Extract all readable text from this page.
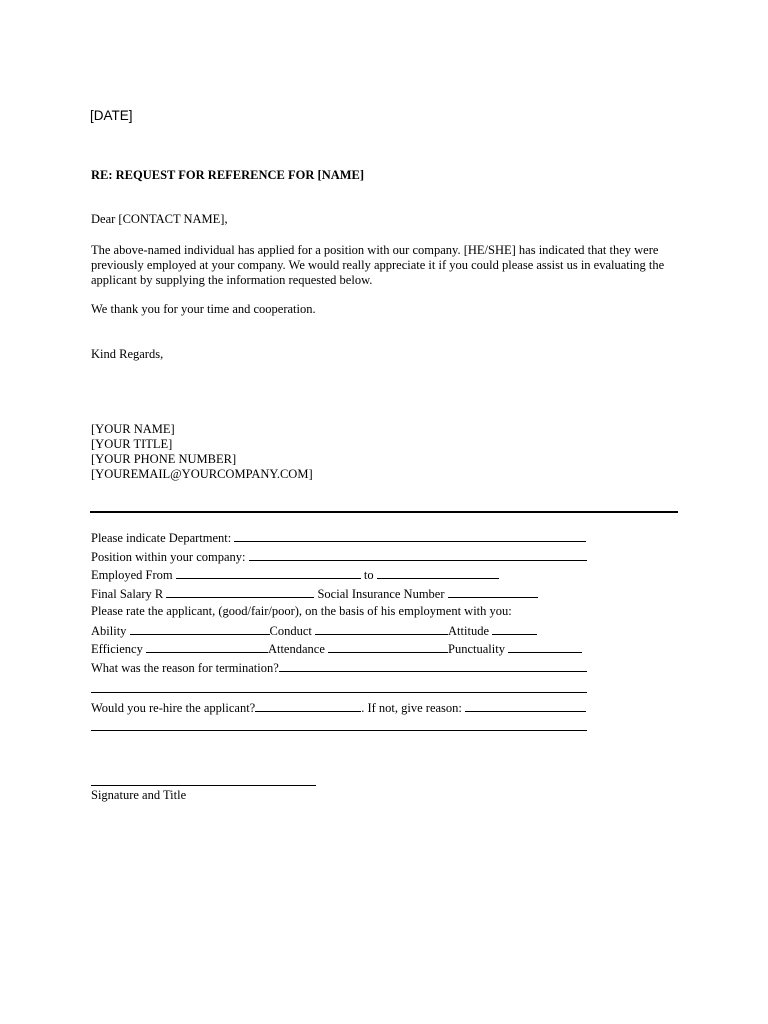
[DATE]
RE: REQUEST FOR REFERENCE FOR [NAME]
Dear [CONTACT NAME],
The above-named individual has applied for a position with our company. [HE/SHE] has indicated that they were previously employed at your company. We would really appreciate it if you could please assist us in evaluating the applicant by supplying the information requested below.
We thank you for your time and cooperation.
Kind Regards,
[YOUR NAME]
[YOUR TITLE]
[YOUR PHONE NUMBER]
[YOUREMAIL@YOURCOMPANY.COM]
Please indicate Department:
Position within your company:
Employed From	to
Final Salary R	Social Insurance Number
Please rate the applicant, (good/fair/poor), on the basis of his employment with you:
Ability	Conduct	Attitude
Efficiency	Attendance	Punctuality
What was the reason for termination?
Would you re-hire the applicant?	. If not, give reason:
Signature and Title
